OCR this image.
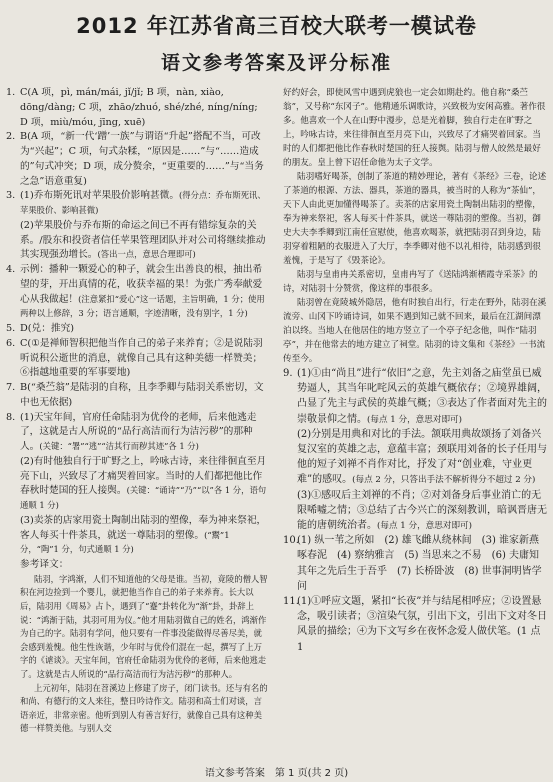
2012 年江苏省高三百校大联考一模试卷
语文参考答案及评分标准
1. C(A 项，pì, mán/mái, jǐ/jǐ; B 项，nàn, xiào, dōng/dàng; C 项，zhāo/zhuó, shé/zhé, níng/níng; D 项，miù/móu, jīng, xuē)

2. B(A 项，“新一代‘蹭’一族”与谓语“升起”搭配不当，可改为“兴起”；C 项，句式杂糅，“原因是……”与“……造成的”句式冲突；D 项，成分赘余，“更重要的……”与“当务之急”语意重复)

3. (1)乔布斯死讯对苹果股价影响甚微。(得分点：乔布斯死讯、苹果股价、影响甚微)

(2)苹果股价与乔布斯的命运之间已不再有错综复杂的关系。/股东和投资者信任苹果管理团队并对公司将继续推动其实现强劲增长。(答出一点，意思合理即可)

4. 示例：播种一颗爱心的种子，就会生出善良的根，抽出希望的芽，开出真情的花，收获幸福的果！为张广秀奉献爱心从我做起！(注意紧扣“爱心”这一话题，主旨明确，1 分；使用两种以上修辞，3 分；语言通顺，字迹清晰，没有别字，1 分)

5. D(兑：推究)

6. C(①是禅师智积把他当作自己的弟子来养育；②是说陆羽听说积公逝世的消息，就像自己具有这种美德一样赞美；⑥指越地重要的军事要地)

7. B(“桑苎翁”是陆羽的自称，且李季卿与陆羽关系密切，文中也无依据)

8. (1)天宝年间，官府任命陆羽为优伶的老师，后来他逃走了，这就是古人所说的“品行高洁而行为洁污秽”的那种人。(关键：“署”“逃”“洁其行而秽其迹”各 1 分)

(2)有时他独自行于旷野之上，吟咏古诗，来往徘徊直至月亮下山，兴致尽了才痛哭着回家。当时的人们都把他比作春秋时楚国的狂人接舆。(关键：“诵诗”“乃”“以”各 1 分，语句通顺 1 分)

(3)卖茶的店家用瓷土陶制出陆羽的塑像，奉为神来祭祀，客人每买十件茶具，就送一尊陆羽的塑像。(“鬻”1 分，“陶”1 分，句式通顺 1 分)

参考译文：

陆羽，字鸿渐，人们不知道他的父母是谁。当初，竟陵的僧人智积在河边捡到一个婴儿，就把他当作自己的弟子来养育。长大以后，陆羽用《周易》占卜，遇到了“蹇”卦转化为“渐”卦，卦辞上说：“鸿渐于陆，其羽可用为仪。”他才用陆羽做自己的姓名，鸿渐作为自己的字。陆羽有学问，他只要有一件事没能做得尽善尽美，就会感到羞愧。他生性诙谐，少年时与优伶们混在一起，撰写了上万字的《谑谈》。天宝年间，官府任命陆羽为优伶的老师，后来他逃走了。这就是古人所说的“品行高洁而行为洁污秽”的那种人。

上元初年，陆羽在苕溪边上修建了房子，闭门读书。还与有名的和尚、有德行的文人来往，整日吟诗作文。陆羽和高士们对谈，言语亲近，非常亲密。他听到别人有善言好行，就像自己具有这种美德一样赞美他。与别人交

好约好会，即使风雪中遇到虎狼也一定会如期赴约。他自称“桑苎翁”，又号称“东冈子”。他精通乐调歌诗，兴致极为安闲高雅。著作很多。他喜欢一个人在山野中漫步，总是光着脚，独自行走在旷野之上，吟咏古诗，来往徘徊直至月亮下山，兴致尽了才痛哭着回家。当时的人们都把他比作春秋时楚国的狂人接舆。陆羽与僧人皎然是最好的朋友。皇上曾下诏任命他为太子文学。

陆羽嗜好喝茶，创制了茶道的精妙理论，著有《茶经》三卷，论述了茶道的根源、方法、器具，茶道的器具，被当时的人称为“茶仙”，天下人由此更加懂得喝茶了。卖茶的店家用瓷土陶制出陆羽的塑像，奉为神来祭祀，客人每买十件茶具，就送一尊陆羽的塑像。当初，御史大夫李季卿到江南任宣慰使，他喜欢喝茶，就把陆羽召到身边，陆羽穿着粗陋的衣服进入了大厅，李季卿对他不以礼相待，陆羽感到很羞愧，于是写了《毁茶论》。

陆羽与皇甫冉关系密切，皇甫冉写了《送陆鸿渐栖霞寺采茶》的诗，对陆羽十分赞赏，像这样的事很多。

陆羽曾在竟陵城外隐居，他有时独自出行，行走在野外，陆羽在溪流旁、山冈下吟诵诗词，如果不遇到知己就不回来，最后在江湖间漂泊以终。当地人在他居住的地方竖立了一个亭子纪念他，叫作“陆羽亭”，并在他常去的地方建立了祠堂。陆羽的诗文集和《茶经》一书流传至今。

9. (1)①由“尚且”进行“依旧”之意，先主刘备之庙堂虽已威势逼人，其当年叱咤风云的英雄气概依存；②境界雄阔，凸显了先主与武侯的英雄气概；③表达了作者面对先主的崇敬景仰之情。(每点 1 分，意思对即可)

(2)分别是用典和对比的手法。颔联用典故颂扬了刘备兴复汉室的英雄之志，意蕴丰富；颈联用刘备的长子任用与他的短子刘禅不肖作对比，抒发了对“创业难，守业更难”的感叹。(每点 2 分，只答出手法不解析得分不超过 2 分)

(3)①感叹后主刘禅的不肖；②对刘备身后事业消亡的无限唏嘘之情；③总结了古今兴亡的深刻教训，暗讽晋唐无能的唐朝统治者。(每点 1 分，意思对即可)

10.

(1) 纵一苇之所如　(2) 雄飞雌从绕林间　(3) 谁家新燕啄春泥　(4) 察纳雅言　(5) 当思来之不易　(6) 夫庸知其年之先后生于吾乎　(7) 长桥卧波　(8) 世事洞明皆学问

11.

(1)①呼应文题，紧扣“长夜”并与结尾相呼应；②设置悬念，吸引读者；③渲染气氛，引出下文，引出下文对冬日风景的描绘；④为下文写乡在夜怀念爱人做伏笔。(1 点 1

语文参考答案　第 1 页(共 2 页)
